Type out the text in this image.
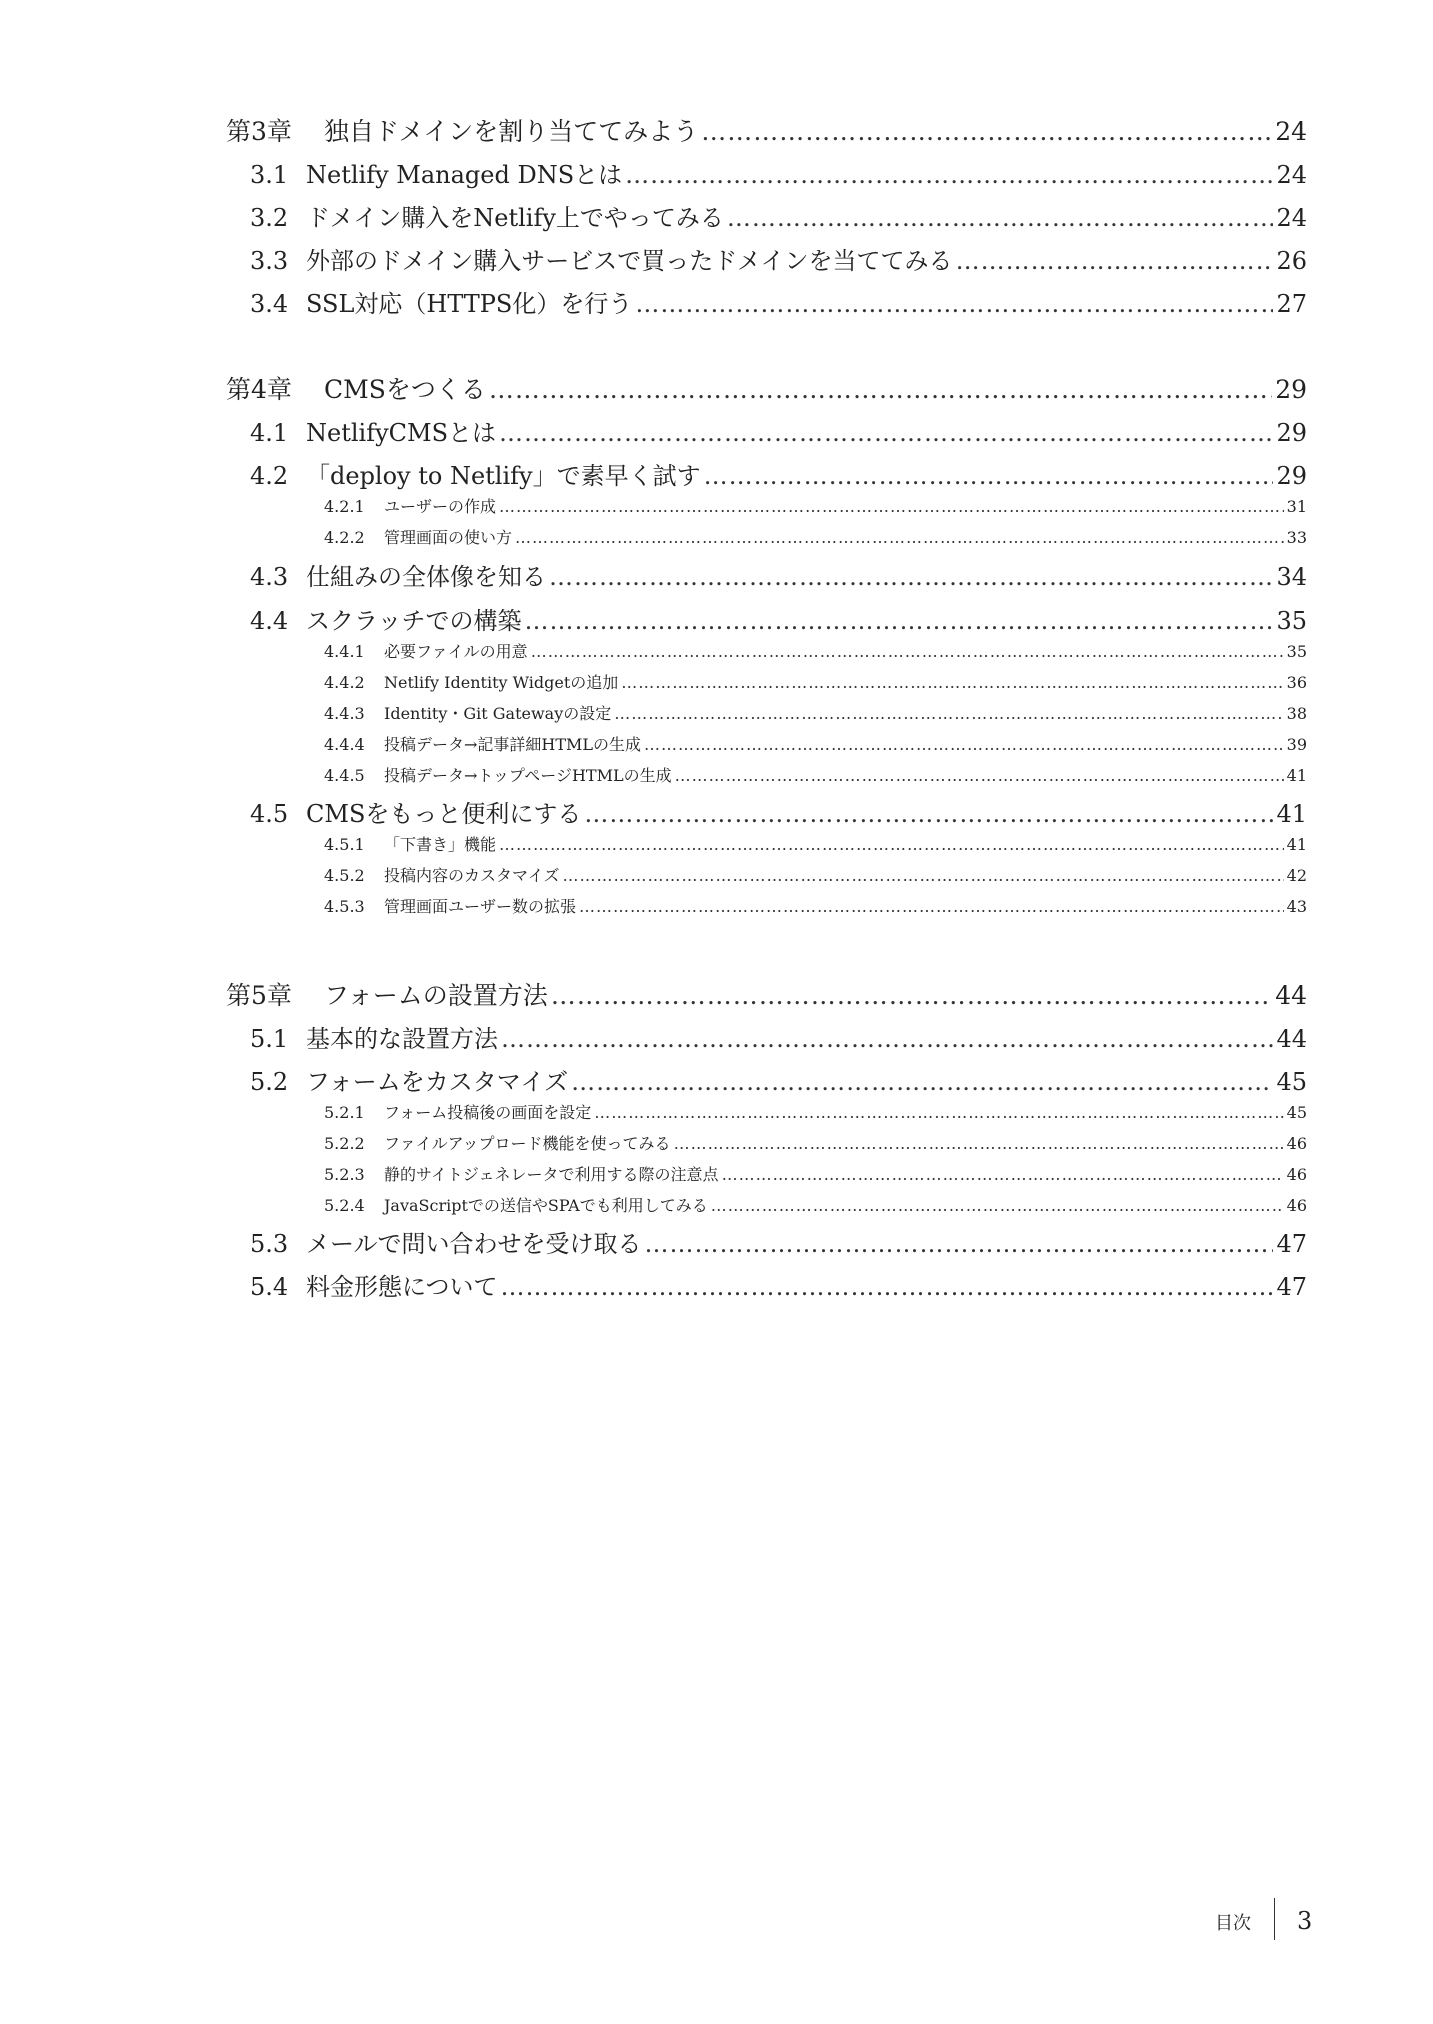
第3章	独自ドメインを割り当ててみよう …………………………………………………………………………………………………………………………………………………………………………………………………………………………………………………………………………………………………………	24
3.1 Netlify Managed DNSとは …………………………………………………………………………………………………………………………………………………………………………………………………………………………………………………………………………………………………………	24
3.2 ドメイン購入をNetlify上でやってみる …………………………………………………………………………………………………………………………………………………………………………………………………………………………………………………………………………………………………………	24
3.3 外部のドメイン購入サービスで買ったドメインを当ててみる …………………………………………………………………………………………………………………………………………………………………………………………………………………………………………………………………………………………………………	26
3.4 SSL対応（HTTPS化）を行う …………………………………………………………………………………………………………………………………………………………………………………………………………………………………………………………………………………………………………	27
第4章	CMSをつくる …………………………………………………………………………………………………………………………………………………………………………………………………………………………………………………………………………………………………………	29
4.1 NetlifyCMSとは …………………………………………………………………………………………………………………………………………………………………………………………………………………………………………………………………………………………………………	29
4.2 「deploy to Netlify」で素早く試す …………………………………………………………………………………………………………………………………………………………………………………………………………………………………………………………………………………………………………	29
4.2.1	ユーザーの作成 …………………………………………………………………………………………………………………………………………………………………………………………………………………………………………………………………………………………………………	31
4.2.2	管理画面の使い方 …………………………………………………………………………………………………………………………………………………………………………………………………………………………………………………………………………………………………………	33
4.3 仕組みの全体像を知る …………………………………………………………………………………………………………………………………………………………………………………………………………………………………………………………………………………………………………	34
4.4 スクラッチでの構築 …………………………………………………………………………………………………………………………………………………………………………………………………………………………………………………………………………………………………………	35
4.4.1	必要ファイルの用意 …………………………………………………………………………………………………………………………………………………………………………………………………………………………………………………………………………………………………………	35
4.4.2	Netlify Identity Widgetの追加 …………………………………………………………………………………………………………………………………………………………………………………………………………………………………………………………………………………………………………	36
4.4.3	Identity・Git Gatewayの設定 …………………………………………………………………………………………………………………………………………………………………………………………………………………………………………………………………………………………………………	38
4.4.4	投稿データ→記事詳細HTMLの生成 …………………………………………………………………………………………………………………………………………………………………………………………………………………………………………………………………………………………………………	39
4.4.5	投稿データ→トップページHTMLの生成 …………………………………………………………………………………………………………………………………………………………………………………………………………………………………………………………………………………………………………	41
4.5 CMSをもっと便利にする …………………………………………………………………………………………………………………………………………………………………………………………………………………………………………………………………………………………………………	41
4.5.1	「下書き」機能 …………………………………………………………………………………………………………………………………………………………………………………………………………………………………………………………………………………………………………	41
4.5.2	投稿内容のカスタマイズ …………………………………………………………………………………………………………………………………………………………………………………………………………………………………………………………………………………………………………	42
4.5.3	管理画面ユーザー数の拡張 …………………………………………………………………………………………………………………………………………………………………………………………………………………………………………………………………………………………………………	43
第5章	フォームの設置方法 …………………………………………………………………………………………………………………………………………………………………………………………………………………………………………………………………………………………………………	44
5.1 基本的な設置方法 …………………………………………………………………………………………………………………………………………………………………………………………………………………………………………………………………………………………………………	44
5.2 フォームをカスタマイズ …………………………………………………………………………………………………………………………………………………………………………………………………………………………………………………………………………………………………………	45
5.2.1	フォーム投稿後の画面を設定 …………………………………………………………………………………………………………………………………………………………………………………………………………………………………………………………………………………………………………	45
5.2.2	ファイルアップロード機能を使ってみる …………………………………………………………………………………………………………………………………………………………………………………………………………………………………………………………………………………………………………	46
5.2.3	静的サイトジェネレータで利用する際の注意点 …………………………………………………………………………………………………………………………………………………………………………………………………………………………………………………………………………………………………………	46
5.2.4	JavaScriptでの送信やSPAでも利用してみる …………………………………………………………………………………………………………………………………………………………………………………………………………………………………………………………………………………………………………	46
5.3 メールで問い合わせを受け取る …………………………………………………………………………………………………………………………………………………………………………………………………………………………………………………………………………………………………………	47
5.4 料金形態について …………………………………………………………………………………………………………………………………………………………………………………………………………………………………………………………………………………………………………	47
目次 3
